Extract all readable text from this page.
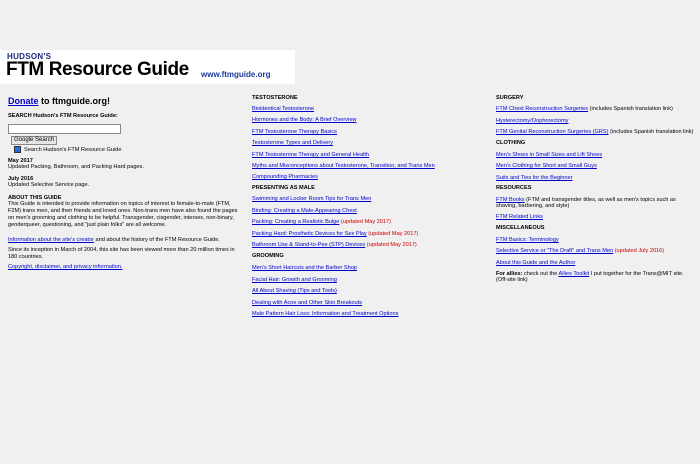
HUDSON'S
FTM Resource Guide www.ftmguide.org
Donate to ftmguide.org!
SEARCH Hudson's FTM Resource Guide:
Google Search
Search Hudson's FTM Resource Guide
May 2017
Updated Packing, Bathroom, and Packing Hard pages.
July 2016
Updated Selective Service page.
ABOUT THIS GUIDE
This Guide is intended to provide information on topics of interest to female-to-male (FTM,
F2M) trans men, and their friends and loved ones. Non-trans men have also found the pages
on men's grooming and clothing to be helpful. Transgender, cisgender, intersex, non-binary,
genderqueer, questioning, and "just plain folks" are all welcome.
Information about the site's creator and about the history of the FTM Resource Guide.
Since its inception in March of 2004, this site has been viewed more than 20 million times in
180 countries.
Copyright, disclaimer, and privacy information.
TESTOSTERONE
Bioidentical Testosterone
Hormones and the Body: A Brief Overview
FTM Testosterone Therapy Basics
Testosterone Types and Delivery
FTM Testosterone Therapy and General Health
Myths and Misconceptions about Testosterone, Transition, and Trans Men
Compounding Pharmacies
PRESENTING AS MALE
Swimming and Locker Room Tips for Trans Men
Binding: Creating a Male-Appearing Chest
Packing: Creating a Realistic Bulge (updated May 2017)
Packing Hard: Prosthetic Devices for Sex Play (updated May 2017)
Bathroom Use & Stand-to-Pee (STP) Devices (updated May 2017)
GROOMING
Men's Short Haircuts and the Barber Shop
Facial Hair: Growth and Grooming
All About Shaving (Tips and Tools)
Dealing with Acne and Other Skin Breakouts
Male Pattern Hair Loss: Information and Treatment Options
SURGERY
FTM Chest Reconstruction Surgeries (includes Spanish translation link)
Hysterectomy/Oophorectomy
FTM Genital Reconstruction Surgeries (GRS) (includes Spanish translation link)
CLOTHING
Men's Shoes in Small Sizes and Lift Shoes
Men's Clothing for Short and Small Guys
Suits and Ties for the Beginner
RESOURCES
FTM Books (FTM and transgender titles, as well as men's topics such as
shaving, barbering, and style)
FTM Related Links
MISCELLANEOUS
FTM Basics: Terminology
Selective Service or "The Draft" and Trans Men (updated July 2016)
About this Guide and the Author
For allies: check out the Allies Toolkit I put together for the Trans@MIT site.
(Off-site link)
